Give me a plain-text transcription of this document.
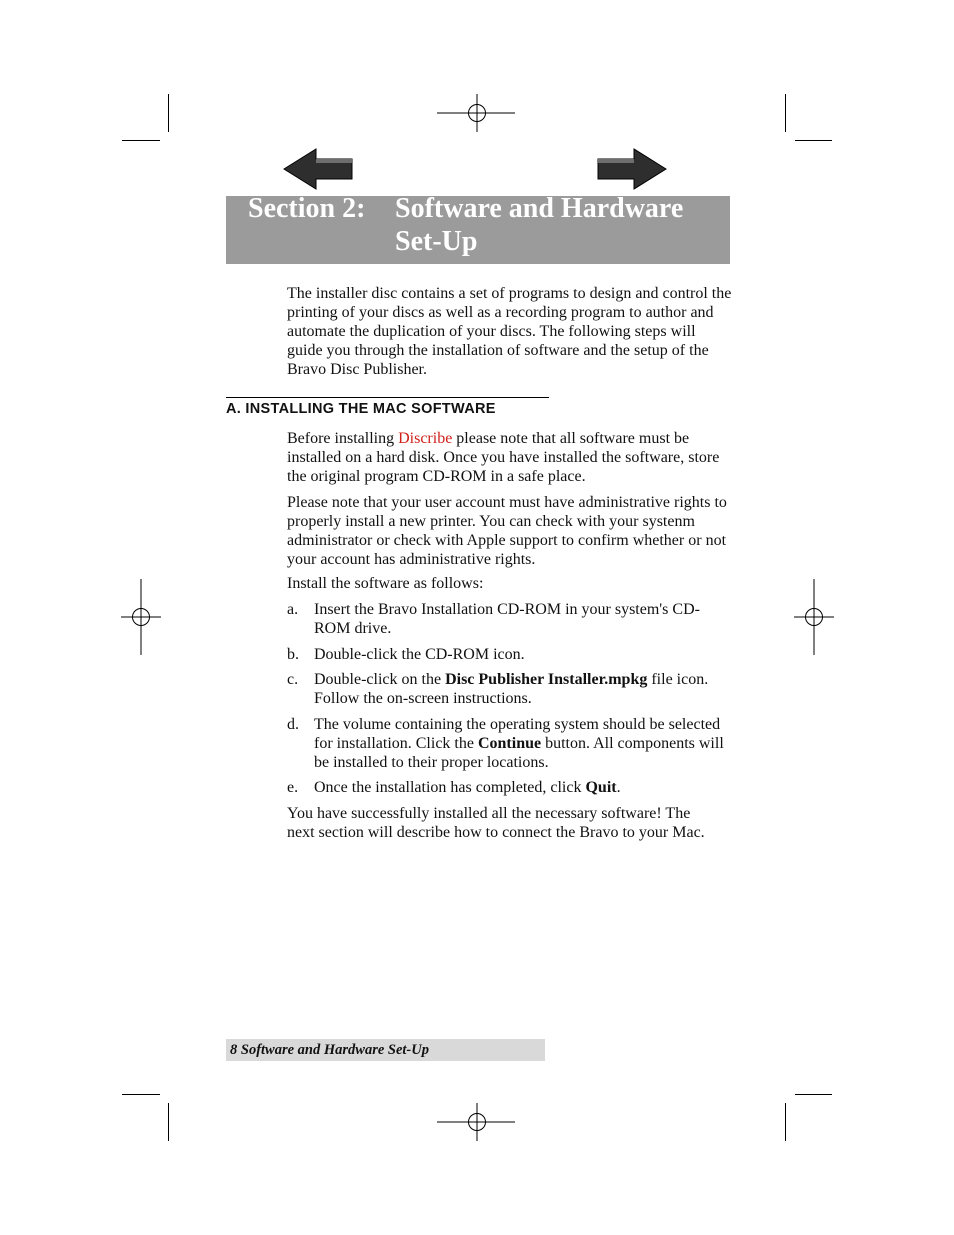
Section 2: Software and Hardware Set-Up

The installer disc contains a set of programs to design and control the printing of your discs as well as a recording program to author and automate the duplication of your discs. The following steps will guide you through the installation of software and the setup of the Bravo Disc Publisher.

A. INSTALLING THE MAC SOFTWARE

Before installing Discribe please note that all software must be installed on a hard disk. Once you have installed the software, store the original program CD-ROM in a safe place.

Please note that your user account must have administrative rights to properly install a new printer. You can check with your systenm administrator or check with Apple support to confirm whether or not your account has administrative rights.

Install the software as follows:

a. Insert the Bravo Installation CD-ROM in your system's CD-ROM drive.
b. Double-click the CD-ROM icon.
c. Double-click on the Disc Publisher Installer.mpkg file icon. Follow the on-screen instructions.
d. The volume containing the operating system should be selected for installation. Click the Continue button. All components will be installed to their proper locations.
e. Once the installation has completed, click Quit.

You have successfully installed all the necessary software! The next section will describe how to connect the Bravo to your Mac.

8 Software and Hardware Set-Up
